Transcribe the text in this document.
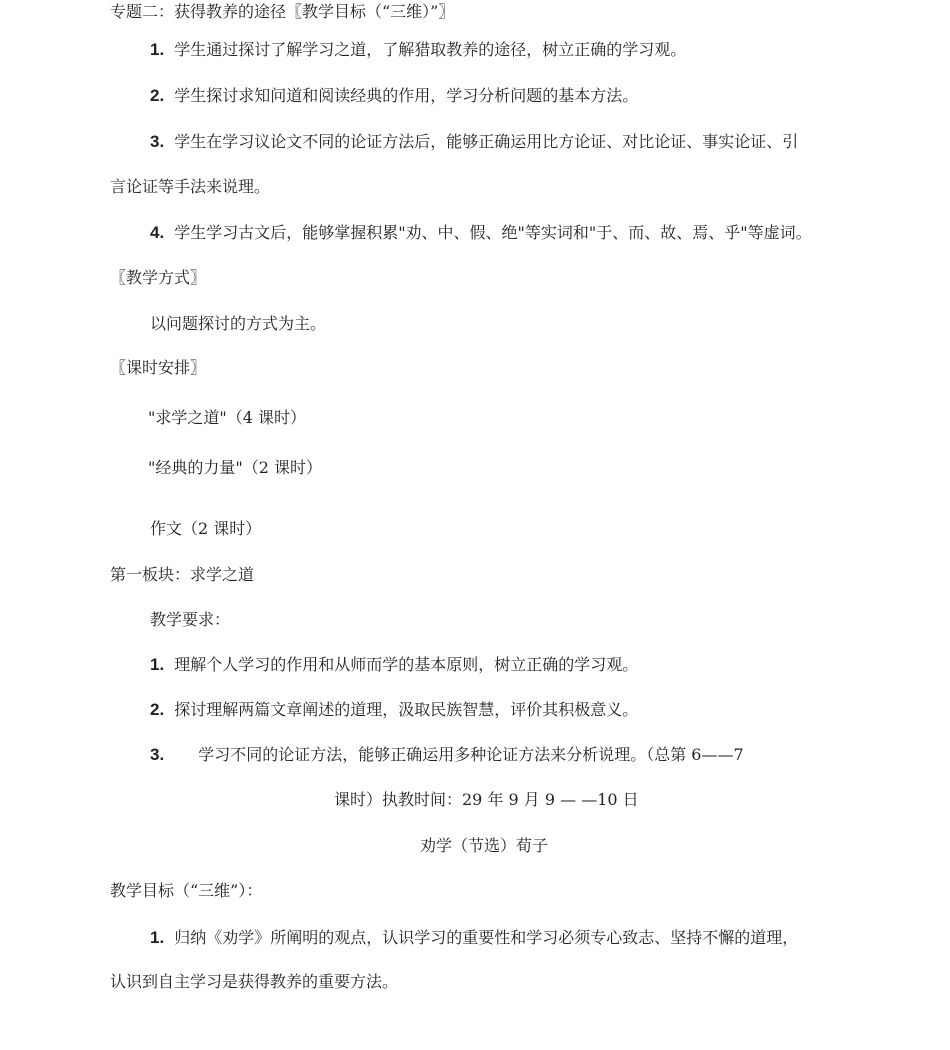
专题二：获得教养的途径〖教学目标（“三维）”〗
1. 学生通过探讨了解学习之道，了解猎取教养的途径，树立正确的学习观。
2. 学生探讨求知问道和阅读经典的作用，学习分析问题的基本方法。
3. 学生在学习议论文不同的论证方法后，能够正确运用比方论证、对比论证、事实论证、引
言论证等手法来说理。
4. 学生学习古文后，能够掌握积累"劝、中、假、绝"等实词和"于、而、故、焉、乎"等虚词。
〖教学方式〗
以问题探讨的方式为主。
〖课时安排〗
"求学之道"（4 课时）
"经典的力量"（2 课时）
作文（2 课时）
第一板块：求学之道
教学要求：
1. 理解个人学习的作用和从师而学的基本原则，树立正确的学习观。
2. 探讨理解两篇文章阐述的道理，汲取民族智慧，评价其积极意义。
3. 学习不同的论证方法，能够正确运用多种论证方法来分析说理。（总第 6——7
课时）执教时间：29 年 9 月 9 — —10 日
劝学（节选）荀子
教学目标（“三维”）：
1. 归纳《劝学》所阐明的观点，认识学习的重要性和学习必须专心致志、坚持不懈的道理，
认识到自主学习是获得教养的重要方法。
